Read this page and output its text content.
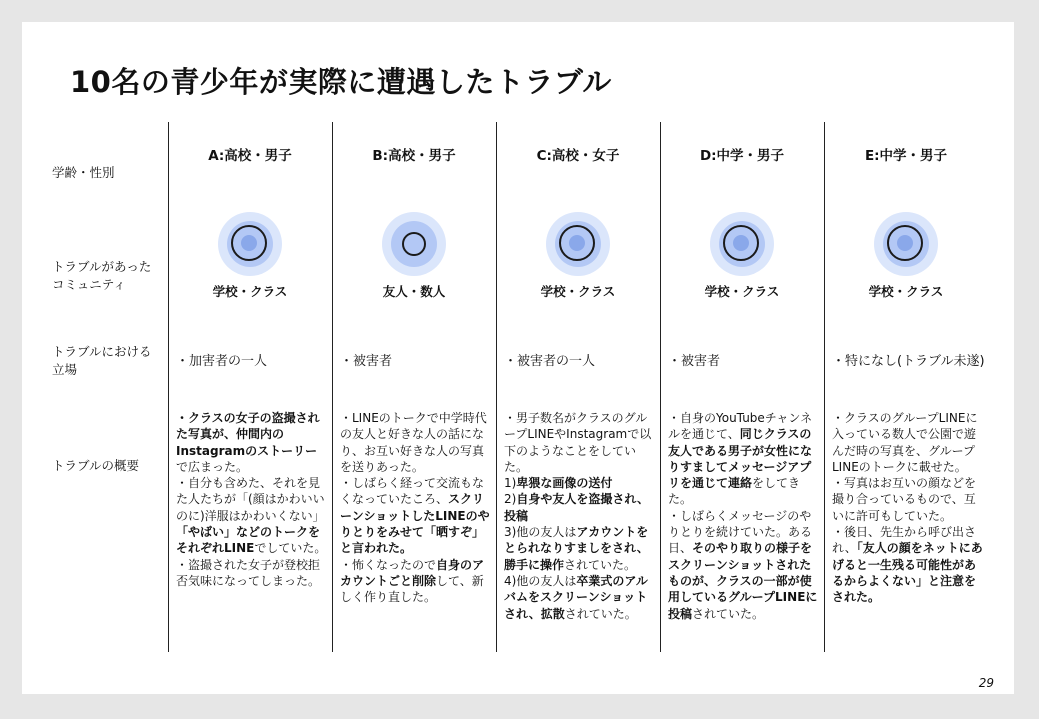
10名の青少年が実際に遭遇したトラブル
学齢・性別
トラブルがあった
コミュニティ
トラブルにおける
立場
トラブルの概要
A:高校・男子
学校・クラス
・加害者の一人

・クラスの女子の盗撮された写真が、仲間内のInstagramのストーリーで広まった。

・自分も含めた、それを見た人たちが「(顔はかわいいのに)洋服はかわいくない」「やばい」などのトークをそれぞれLINEでしていた。

・盗撮された女子が登校拒否気味になってしまった。

B:高校・男子
友人・数人
・被害者

・LINEのトークで中学時代の友人と好きな人の話になり、お互い好きな人の写真を送りあった。

・しばらく経って交流もなくなっていたころ、スクリーンショットしたLINEのやりとりをみせて「晒すぞ」と言われた。

・怖くなったので自身のアカウントごと削除して、新しく作り直した。

C:高校・女子
学校・クラス
・被害者の一人

・男子数名がクラスのグループLINEやInstagramで以下のようなことをしていた。

1)卑猥な画像の送付

2)自身や友人を盗撮され、投稿

3)他の友人はアカウントをとられなりすましをされ、勝手に操作されていた。

4)他の友人は卒業式のアルバムをスクリーンショットされ、拡散されていた。

D:中学・男子
学校・クラス
・被害者

・自身のYouTubeチャンネルを通じて、同じクラスの友人である男子が女性になりすましてメッセージアプリを通じて連絡をしてきた。

・しばらくメッセージのやりとりを続けていた。ある日、そのやり取りの様子をスクリーンショットされたものが、クラスの一部が使用しているグループLINEに投稿されていた。

E:中学・男子
学校・クラス
・特になし(トラブル未遂)

・クラスのグループLINEに入っている数人で公園で遊んだ時の写真を、グループLINEのトークに載せた。

・写真はお互いの顔などを撮り合っているもので、互いに許可もしていた。

・後日、先生から呼び出され、「友人の顔をネットにあげると一生残る可能性があるからよくない」と注意をされた。

29
